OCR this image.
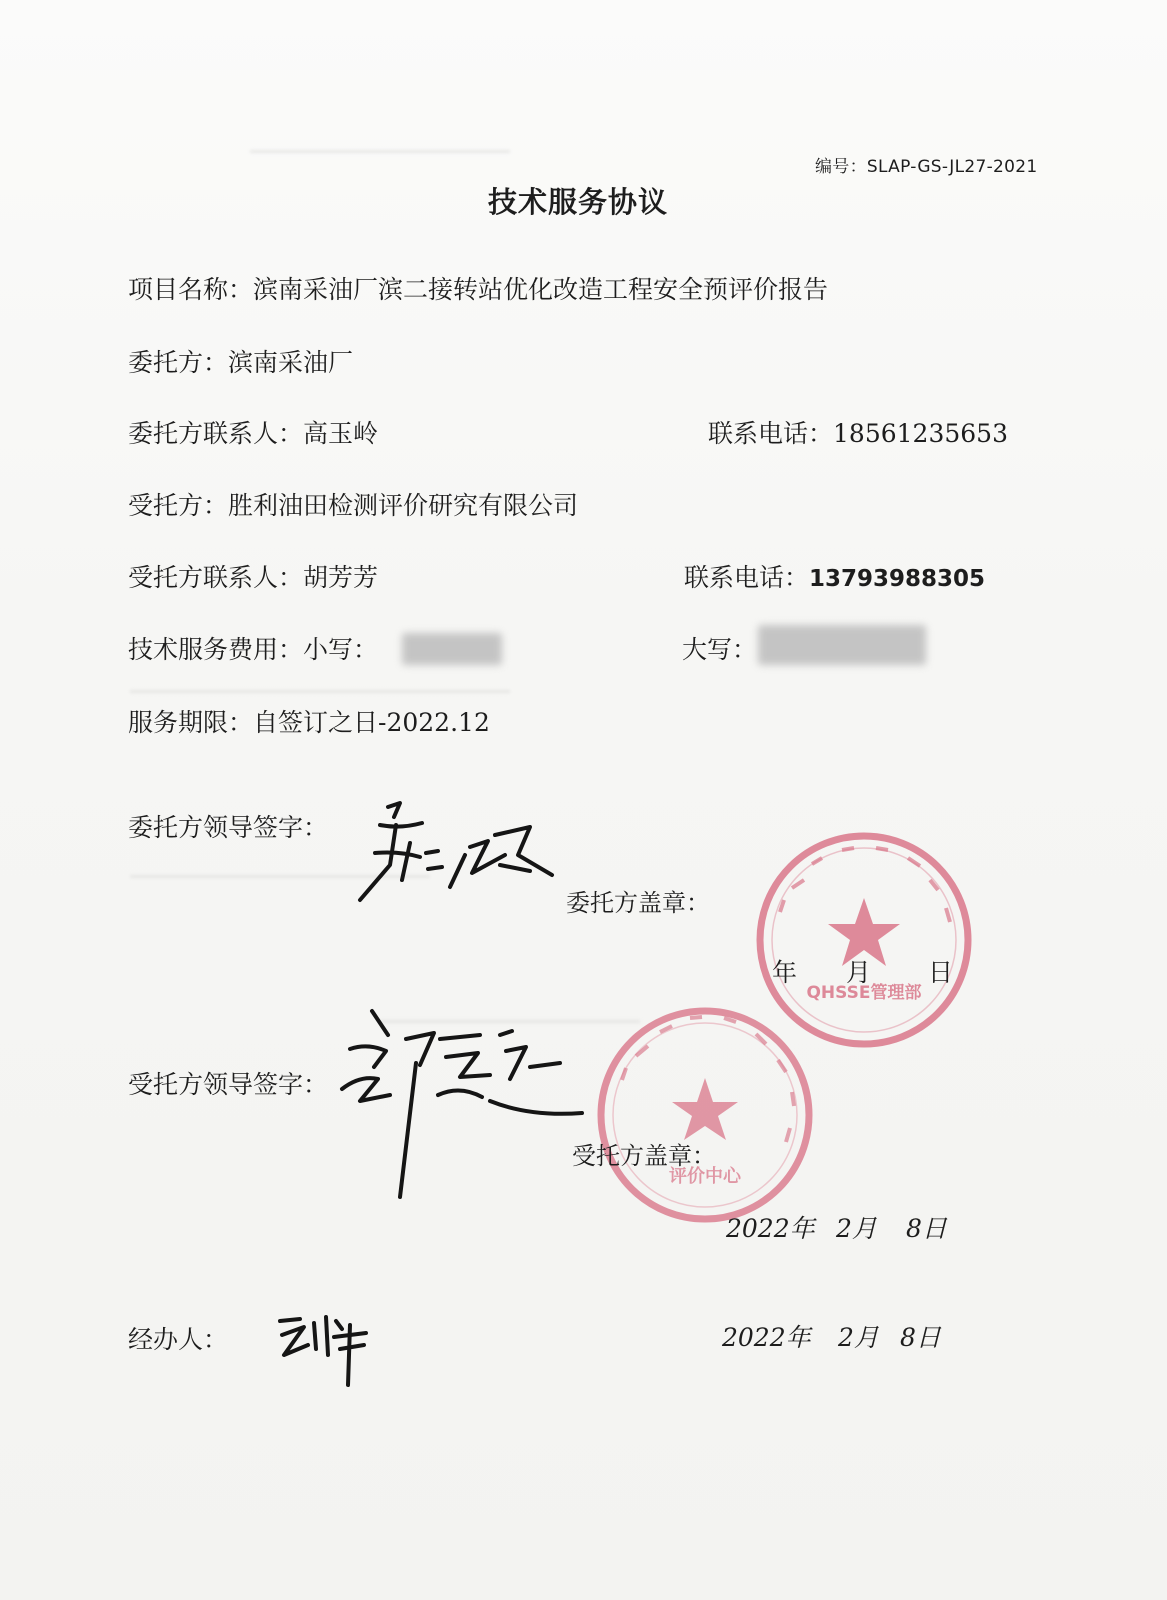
编号：SLAP-GS-JL27-2021
技术服务协议
项目名称：滨南采油厂滨二接转站优化改造工程安全预评价报告
委托方：滨南采油厂
委托方联系人：高玉岭	联系电话：18561235653
受托方：胜利油田检测评价研究有限公司
受托方联系人：胡芳芳	联系电话：13793988305
技术服务费用：小写：	大写：
服务期限：自签订之日-2022.12
委托方领导签字：
QHSSE管理部
委托方盖章：
年 月 日
评价中心
受托方领导签字：
受托方盖章：
2022年 2月 8日
经办人：	2022年 2月 8日
